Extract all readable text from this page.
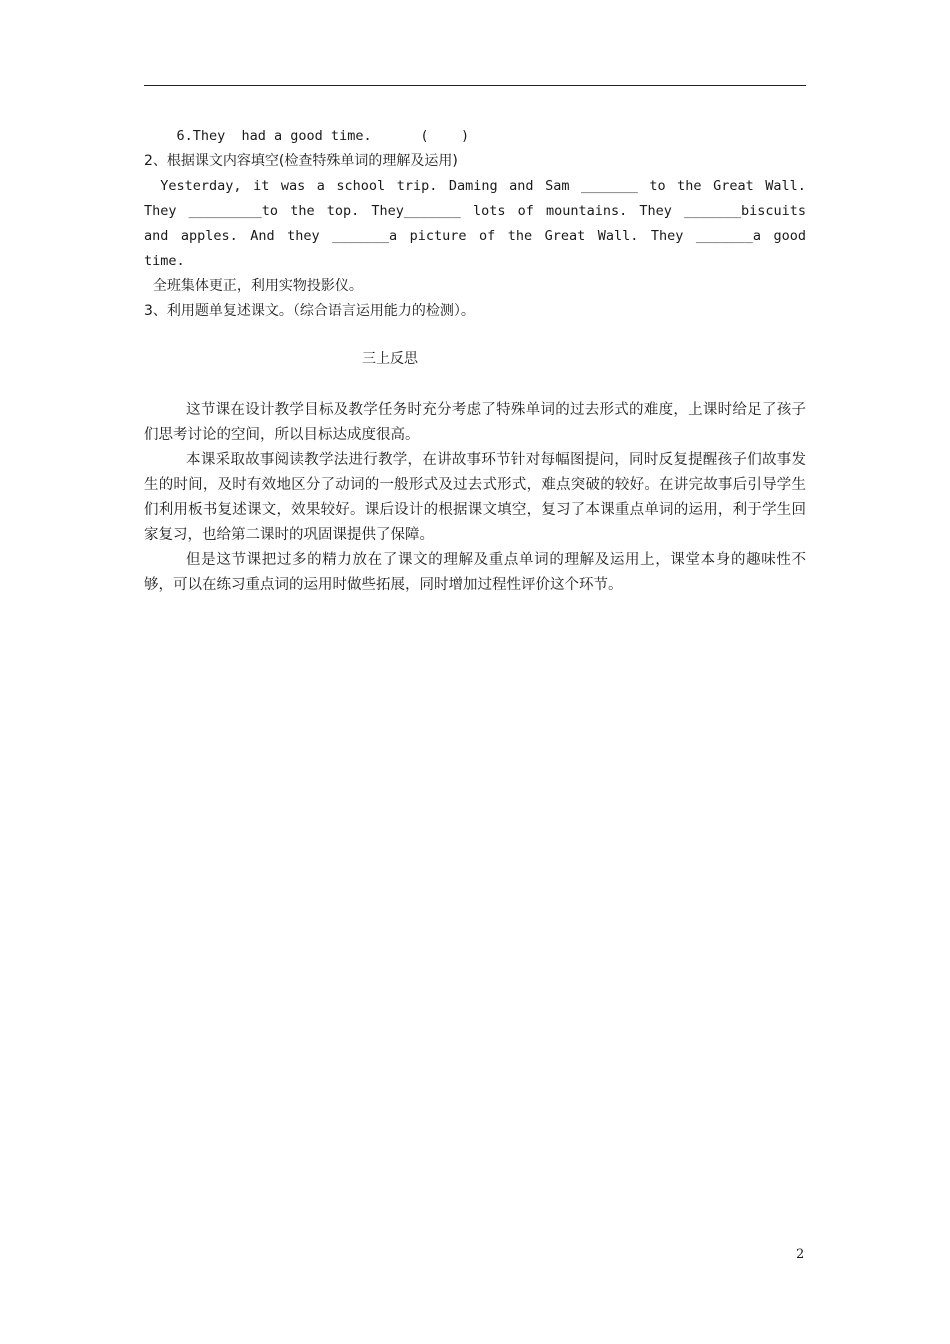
6.They  had a good time.      (    )
2、根据课文内容填空(检查特殊单词的理解及运用)
Yesterday, it was a school trip. Daming and Sam _______ to the Great Wall.
They _________to the top. They_______ lots of mountains. They _______biscuits
and apples. And they _______a picture of the Great Wall. They _______a good
time.
全班集体更正，利用实物投影仪。
3、利用题单复述课文。（综合语言运用能力的检测）。
三上反思

这节课在设计教学目标及教学任务时充分考虑了特殊单词的过去形式的难度，上课时给足了孩子们思考讨论的空间，所以目标达成度很高。

本课采取故事阅读教学法进行教学，在讲故事环节针对每幅图提问，同时反复提醒孩子们故事发生的时间，及时有效地区分了动词的一般形式及过去式形式，难点突破的较好。在讲完故事后引导学生们利用板书复述课文，效果较好。课后设计的根据课文填空，复习了本课重点单词的运用，利于学生回家复习，也给第二课时的巩固课提供了保障。

但是这节课把过多的精力放在了课文的理解及重点单词的理解及运用上，课堂本身的趣味性不够，可以在练习重点词的运用时做些拓展，同时增加过程性评价这个环节。

2
